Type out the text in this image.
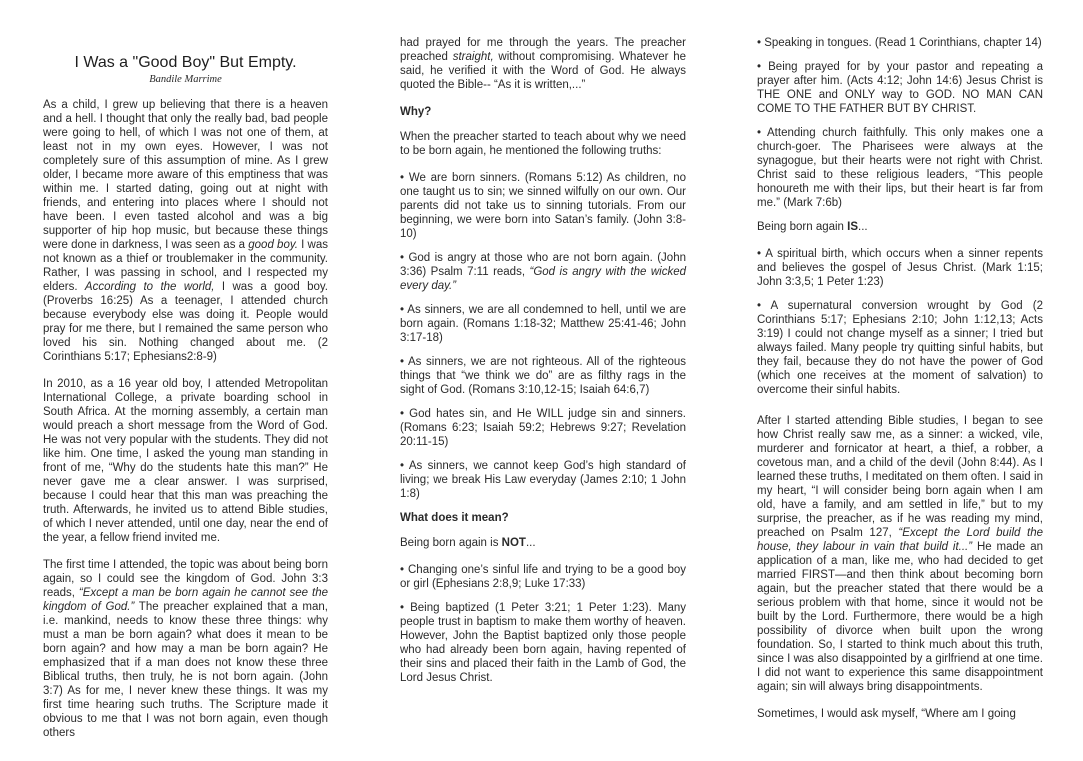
I Was a "Good Boy" But Empty.
Bandile Marrime

As a child, I grew up believing that there is a heaven and a hell. I thought that only the really bad, bad people were going to hell, of which I was not one of them, at least not in my own eyes. However, I was not completely sure of this assumption of mine. As I grew older, I became more aware of this emptiness that was within me. I started dating, going out at night with friends, and entering into places where I should not have been. I even tasted alcohol and was a big supporter of hip hop music, but because these things were done in darkness, I was seen as a good boy. I was not known as a thief or troublemaker in the community. Rather, I was passing in school, and I respected my elders. According to the world, I was a good boy. (Proverbs 16:25) As a teenager, I attended church because everybody else was doing it. People would pray for me there, but I remained the same person who loved his sin. Nothing changed about me. (2 Corinthians 5:17; Ephesians2:8-9)

In 2010, as a 16 year old boy, I attended Metropolitan International College, a private boarding school in South Africa. At the morning assembly, a certain man would preach a short message from the Word of God. He was not very popular with the students. They did not like him. One time, I asked the young man standing in front of me, “Why do the students hate this man?” He never gave me a clear answer. I was surprised, because I could hear that this man was preaching the truth. Afterwards, he invited us to attend Bible studies, of which I never attended, until one day, near the end of the year, a fellow friend invited me.

The first time I attended, the topic was about being born again, so I could see the kingdom of God. John 3:3 reads, “Except a man be born again he cannot see the kingdom of God.” The preacher explained that a man, i.e. mankind, needs to know these three things: why must a man be born again? what does it mean to be born again? and how may a man be born again? He emphasized that if a man does not know these three Biblical truths, then truly, he is not born again. (John 3:7) As for me, I never knew these things. It was my first time hearing such truths. The Scripture made it obvious to me that I was not born again, even though others

had prayed for me through the years. The preacher preached straight, without compromising. Whatever he said, he verified it with the Word of God. He always quoted the Bible-- “As it is written,...”

Why?

When the preacher started to teach about why we need to be born again, he mentioned the following truths:

• We are born sinners. (Romans 5:12) As children, no one taught us to sin; we sinned wilfully on our own. Our parents did not take us to sinning tutorials. From our beginning, we were born into Satan’s family. (John 3:8-10)

• God is angry at those who are not born again. (John 3:36) Psalm 7:11 reads, “God is angry with the wicked every day.”

• As sinners, we are all condemned to hell, until we are born again. (Romans 1:18-32; Matthew 25:41-46; John 3:17-18)

• As sinners, we are not righteous. All of the righteous things that “we think we do” are as filthy rags in the sight of God. (Romans 3:10,12-15; Isaiah 64:6,7)

• God hates sin, and He WILL judge sin and sinners. (Romans 6:23; Isaiah 59:2; Hebrews 9:27; Revelation 20:11-15)

• As sinners, we cannot keep God’s high standard of living; we break His Law everyday (James 2:10; 1 John 1:8)

What does it mean?

Being born again is NOT...

• Changing one’s sinful life and trying to be a good boy or girl (Ephesians 2:8,9; Luke 17:33)

• Being baptized (1 Peter 3:21; 1 Peter 1:23). Many people trust in baptism to make them worthy of heaven. However, John the Baptist baptized only those people who had already been born again, having repented of their sins and placed their faith in the Lamb of God, the Lord Jesus Christ.

• Speaking in tongues. (Read 1 Corinthians, chapter 14)

• Being prayed for by your pastor and repeating a prayer after him. (Acts 4:12; John 14:6) Jesus Christ is THE ONE and ONLY way to GOD. NO MAN CAN COME TO THE FATHER BUT BY CHRIST.

• Attending church faithfully. This only makes one a church-goer. The Pharisees were always at the synagogue, but their hearts were not right with Christ. Christ said to these religious leaders, “This people honoureth me with their lips, but their heart is far from me.” (Mark 7:6b)

Being born again IS...

• A spiritual birth, which occurs when a sinner repents and believes the gospel of Jesus Christ. (Mark 1:15; John 3:3,5; 1 Peter 1:23)

• A supernatural conversion wrought by God (2 Corinthians 5:17; Ephesians 2:10; John 1:12,13; Acts 3:19) I could not change myself as a sinner; I tried but always failed. Many people try quitting sinful habits, but they fail, because they do not have the power of God (which one receives at the moment of salvation) to overcome their sinful habits.

After I started attending Bible studies, I began to see how Christ really saw me, as a sinner: a wicked, vile, murderer and fornicator at heart, a thief, a robber, a covetous man, and a child of the devil (John 8:44). As I learned these truths, I meditated on them often. I said in my heart, “I will consider being born again when I am old, have a family, and am settled in life,” but to my surprise, the preacher, as if he was reading my mind, preached on Psalm 127, “Except the Lord build the house, they labour in vain that build it...” He made an application of a man, like me, who had decided to get married FIRST—and then think about becoming born again, but the preacher stated that there would be a serious problem with that home, since it would not be built by the Lord. Furthermore, there would be a high possibility of divorce when built upon the wrong foundation. So, I started to think much about this truth, since I was also disappointed by a girlfriend at one time. I did not want to experience this same disappointment again; sin will always bring disappointments.

Sometimes, I would ask myself, “Where am I going
